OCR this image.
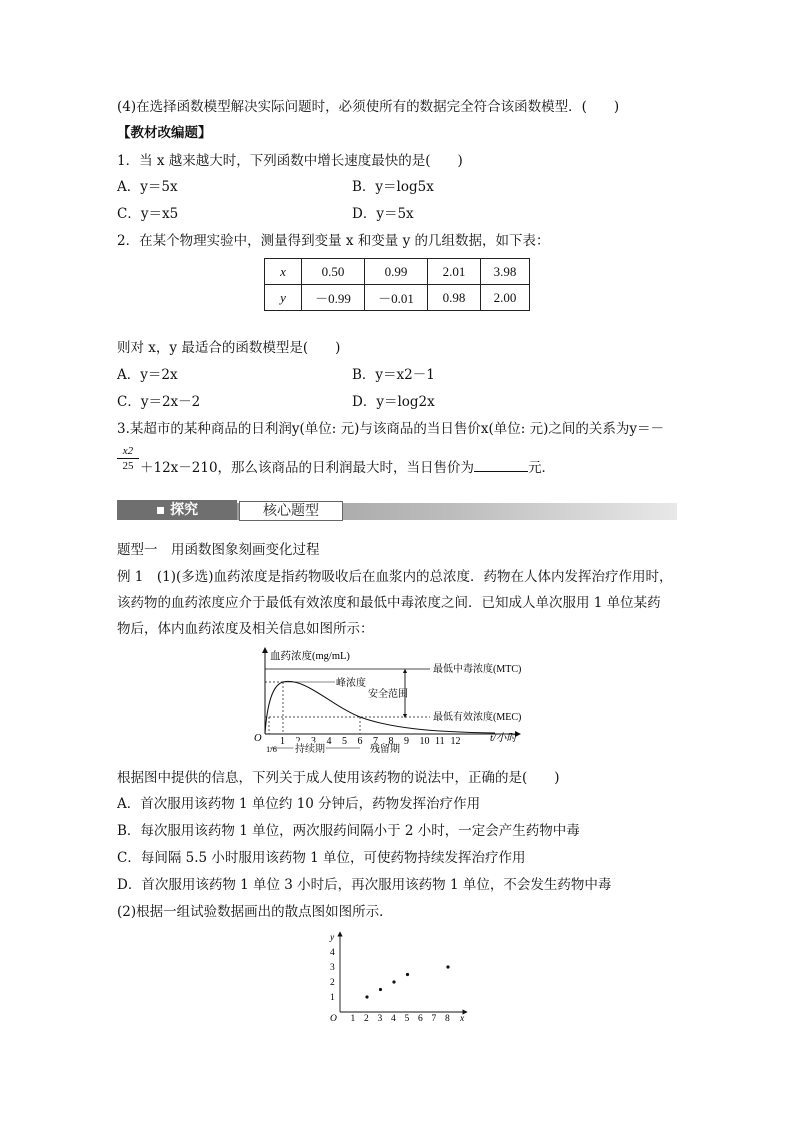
(4)在选择函数模型解决实际问题时，必须使所有的数据完全符合该函数模型．(　　)
【教材改编题】
1．当 x 越来越大时，下列函数中增长速度最快的是(　　)
A．y＝5x	B．y＝log5x
C．y＝x5	D．y＝5x
2．在某个物理实验中，测量得到变量 x 和变量 y 的几组数据，如下表：
x	0.50	0.99	2.01	3.98
y	－0.99	－0.01	0.98	2.00
则对 x，y 最适合的函数模型是(　　)
A．y＝2x	B．y＝x2－1
C．y＝2x－2	D．y＝log2x
3.某超市的某种商品的日利润y(单位: 元)与该商品的当日售价x(单位: 元)之间的关系为y＝－
$\frac{x2}{25} +12x-210$，那么该商品的日利润最大时，当日售价为	元．
▪ 探究	核心题型
题型一　用函数图象刻画变化过程
例 1　(1)(多选)血药浓度是指药物吸收后在血浆内的总浓度．药物在人体内发挥治疗作用时，
该药物的血药浓度应介于最低有效浓度和最低中毒浓度之间．已知成人单次服用 1 单位某药
物后，体内血药浓度及相关信息如图所示：
血药浓度(mg/mL)
O	t/小时
最低中毒浓度(MTC)
最低有效浓度(MEC)
峰浓度
安全范围
1 2 3 4 5 6 7 8 9 10 11 12
1/6 持续期	残留期
根据图中提供的信息，下列关于成人使用该药物的说法中，正确的是(　　)
A．首次服用该药物 1 单位约 10 分钟后，药物发挥治疗作用
B．每次服用该药物 1 单位，两次服药间隔小于 2 小时，一定会产生药物中毒
C．每间隔 5.5 小时服用该药物 1 单位，可使药物持续发挥治疗作用
D．首次服用该药物 1 单位 3 小时后，再次服用该药物 1 单位，不会发生药物中毒
(2)根据一组试验数据画出的散点图如图所示．
y
x
O 1 2 3 4 5 6 7 8
1
2
3
4
